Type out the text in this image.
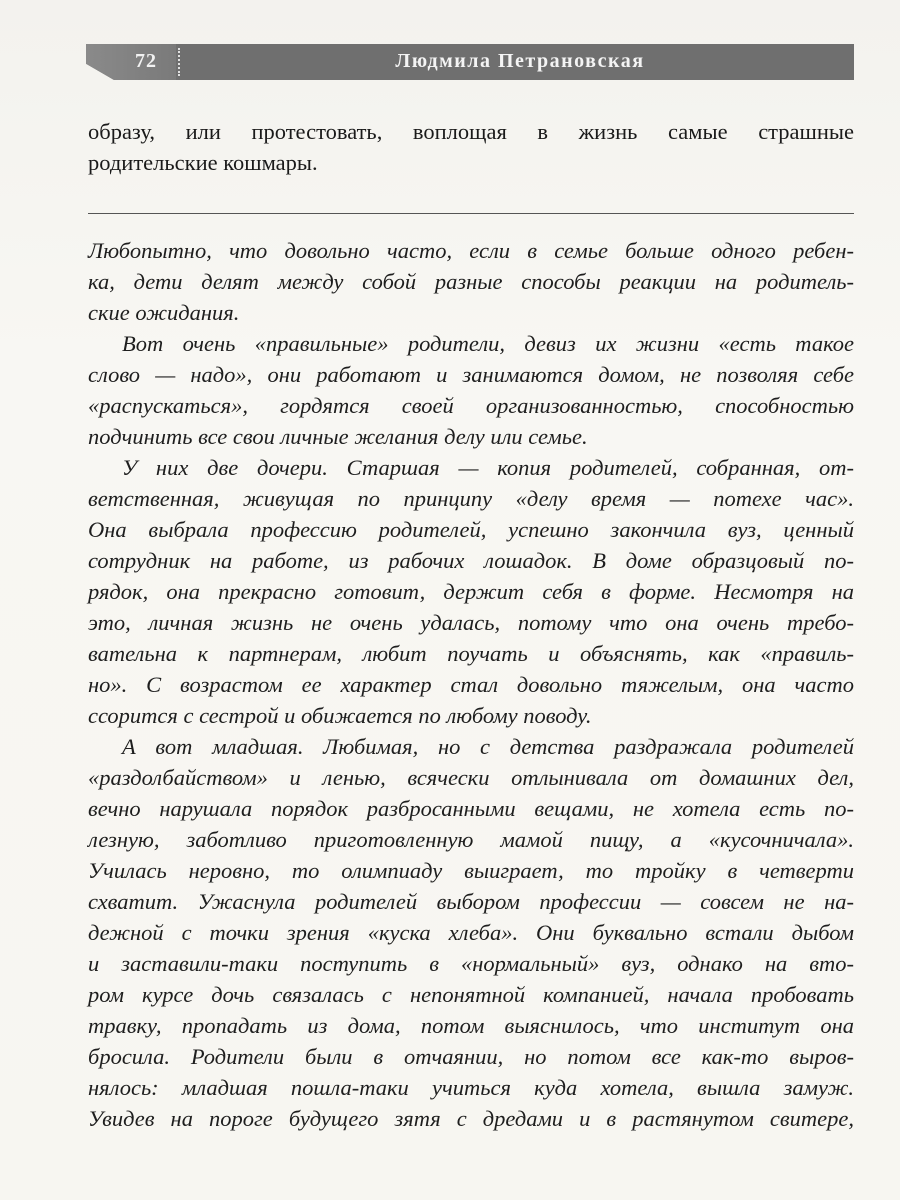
72	Людмила Петрановская
образу, или протестовать, воплощая в жизнь самые страшные
родительские кошмары.
Любопытно, что довольно часто, если в семье больше одного ребен-
ка, дети делят между собой разные способы реакции на родитель-
ские ожидания.
Вот очень «правильные» родители, девиз их жизни «есть такое
слово — надо», они работают и занимаются домом, не позволяя себе
«распускаться», гордятся своей организованностью, способностью
подчинить все свои личные желания делу или семье.
У них две дочери. Старшая — копия родителей, собранная, от-
ветственная, живущая по принципу «делу время — потехе час».
Она выбрала профессию родителей, успешно закончила вуз, ценный
сотрудник на работе, из рабочих лошадок. В доме образцовый по-
рядок, она прекрасно готовит, держит себя в форме. Несмотря на
это, личная жизнь не очень удалась, потому что она очень требо-
вательна к партнерам, любит поучать и объяснять, как «правиль-
но». С возрастом ее характер стал довольно тяжелым, она часто
ссорится с сестрой и обижается по любому поводу.
А вот младшая. Любимая, но с детства раздражала родителей
«раздолбайством» и ленью, всячески отлынивала от домашних дел,
вечно нарушала порядок разбросанными вещами, не хотела есть по-
лезную, заботливо приготовленную мамой пищу, а «кусочничала».
Училась неровно, то олимпиаду выиграет, то тройку в четверти
схватит. Ужаснула родителей выбором профессии — совсем не на-
дежной с точки зрения «куска хлеба». Они буквально встали дыбом
и заставили-таки поступить в «нормальный» вуз, однако на вто-
ром курсе дочь связалась с непонятной компанией, начала пробовать
травку, пропадать из дома, потом выяснилось, что институт она
бросила. Родители были в отчаянии, но потом все как-то выров-
нялось: младшая пошла-таки учиться куда хотела, вышла замуж.
Увидев на пороге будущего зятя с дредами и в растянутом свитере,
